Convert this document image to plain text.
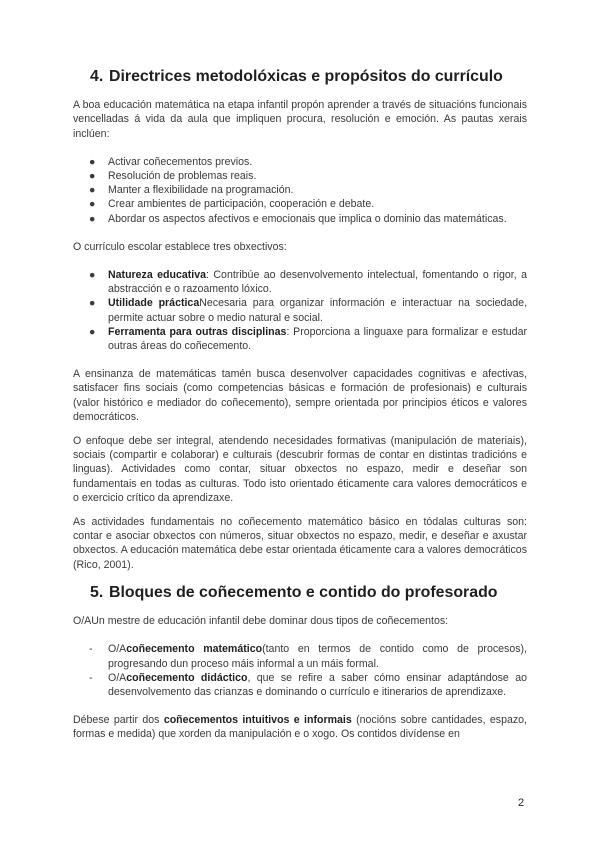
4. Directrices metodolóxicas e propósitos do currículo

A boa educación matemática na etapa infantil propón aprender a través de situacións funcionais vencelladas á vida da aula que impliquen procura, resolución e emoción. As pautas xerais inclúen:

● Activar coñecementos previos.
● Resolución de problemas reais.
● Manter a flexibilidade na programación.
● Crear ambientes de participación, cooperación e debate.
● Abordar os aspectos afectivos e emocionais que implica o dominio das matemáticas.

O currículo escolar establece tres obxectivos:

● Natureza educativa: Contribúe ao desenvolvemento intelectual, fomentando o rigor, a abstracción e o razoamento lóxico.
● Utilidade prácticaNecesaria para organizar información e interactuar na sociedade, permite actuar sobre o medio natural e social.
● Ferramenta para outras disciplinas: Proporciona a linguaxe para formalizar e estudar outras áreas do coñecemento.

A ensinanza de matemáticas tamén busca desenvolver capacidades cognitivas e afectivas, satisfacer fins sociais (como competencias básicas e formación de profesionais) e culturais (valor histórico e mediador do coñecemento), sempre orientada por principios éticos e valores democráticos.

O enfoque debe ser integral, atendendo necesidades formativas (manipulación de materiais), sociais (compartir e colaborar) e culturais (descubrir formas de contar en distintas tradicións e linguas). Actividades como contar, situar obxectos no espazo, medir e deseñar son fundamentais en todas as culturas. Todo isto orientado éticamente cara valores democráticos e o exercicio crítico da aprendizaxe.

As actividades fundamentais no coñecemento matemático básico en tódalas culturas son: contar e asociar obxectos con números, situar obxectos no espazo, medir, e deseñar e axustar obxectos. A educación matemática debe estar orientada éticamente cara a valores democráticos (Rico, 2001).

5. Bloques de coñecemento e contido do profesorado

O/AUn mestre de educación infantil debe dominar dous tipos de coñecementos:

- O/Acoñecemento matemático(tanto en termos de contido como de procesos), progresando dun proceso máis informal a un máis formal.
- O/Acoñecemento didáctico, que se refire a saber cómo ensinar adaptándose ao desenvolvemento das crianzas e dominando o currículo e itinerarios de aprendizaxe.

Débese partir dos coñecementos intuitivos e informais (nocións sobre cantidades, espazo, formas e medida) que xorden da manipulación e o xogo. Os contidos divídense en

2
